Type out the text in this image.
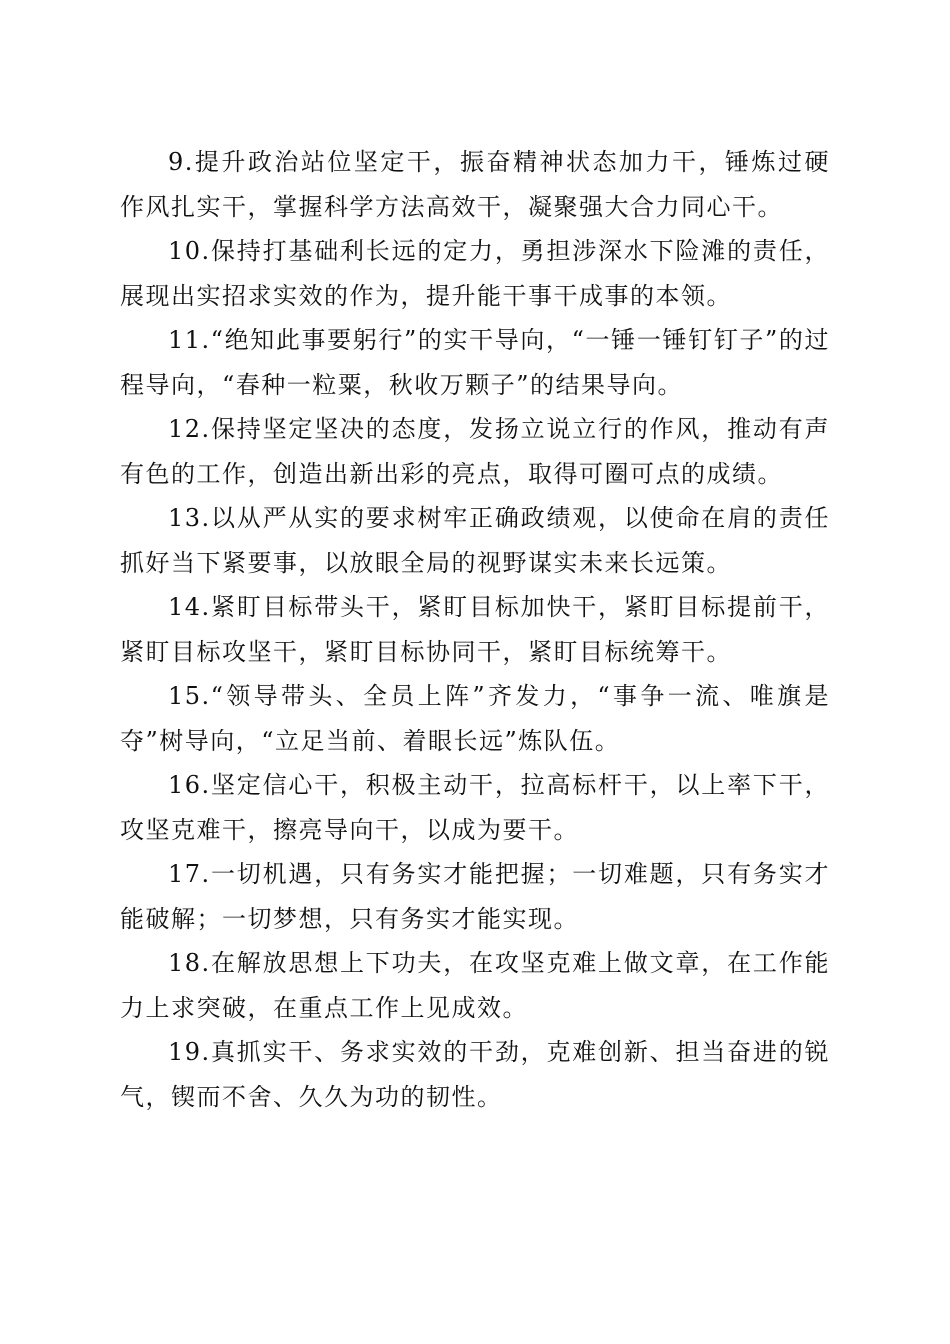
9.提升政治站位坚定干，振奋精神状态加力干，锤炼过硬作风扎实干，掌握科学方法高效干，凝聚强大合力同心干。

10.保持打基础利长远的定力，勇担涉深水下险滩的责任，展现出实招求实效的作为，提升能干事干成事的本领。

11.“绝知此事要躬行”的实干导向，“一锤一锤钉钉子”的过程导向，“春种一粒粟，秋收万颗子”的结果导向。

12.保持坚定坚决的态度，发扬立说立行的作风，推动有声有色的工作，创造出新出彩的亮点，取得可圈可点的成绩。

13.以从严从实的要求树牢正确政绩观，以使命在肩的责任抓好当下紧要事，以放眼全局的视野谋实未来长远策。

14.紧盯目标带头干，紧盯目标加快干，紧盯目标提前干，紧盯目标攻坚干，紧盯目标协同干，紧盯目标统筹干。

15.“领导带头、全员上阵”齐发力，“事争一流、唯旗是夺”树导向，“立足当前、着眼长远”炼队伍。

16.坚定信心干，积极主动干，拉高标杆干，以上率下干，攻坚克难干，擦亮导向干，以成为要干。

17.一切机遇，只有务实才能把握；一切难题，只有务实才能破解；一切梦想，只有务实才能实现。

18.在解放思想上下功夫，在攻坚克难上做文章，在工作能力上求突破，在重点工作上见成效。

19.真抓实干、务求实效的干劲，克难创新、担当奋进的锐气，锲而不舍、久久为功的韧性。
